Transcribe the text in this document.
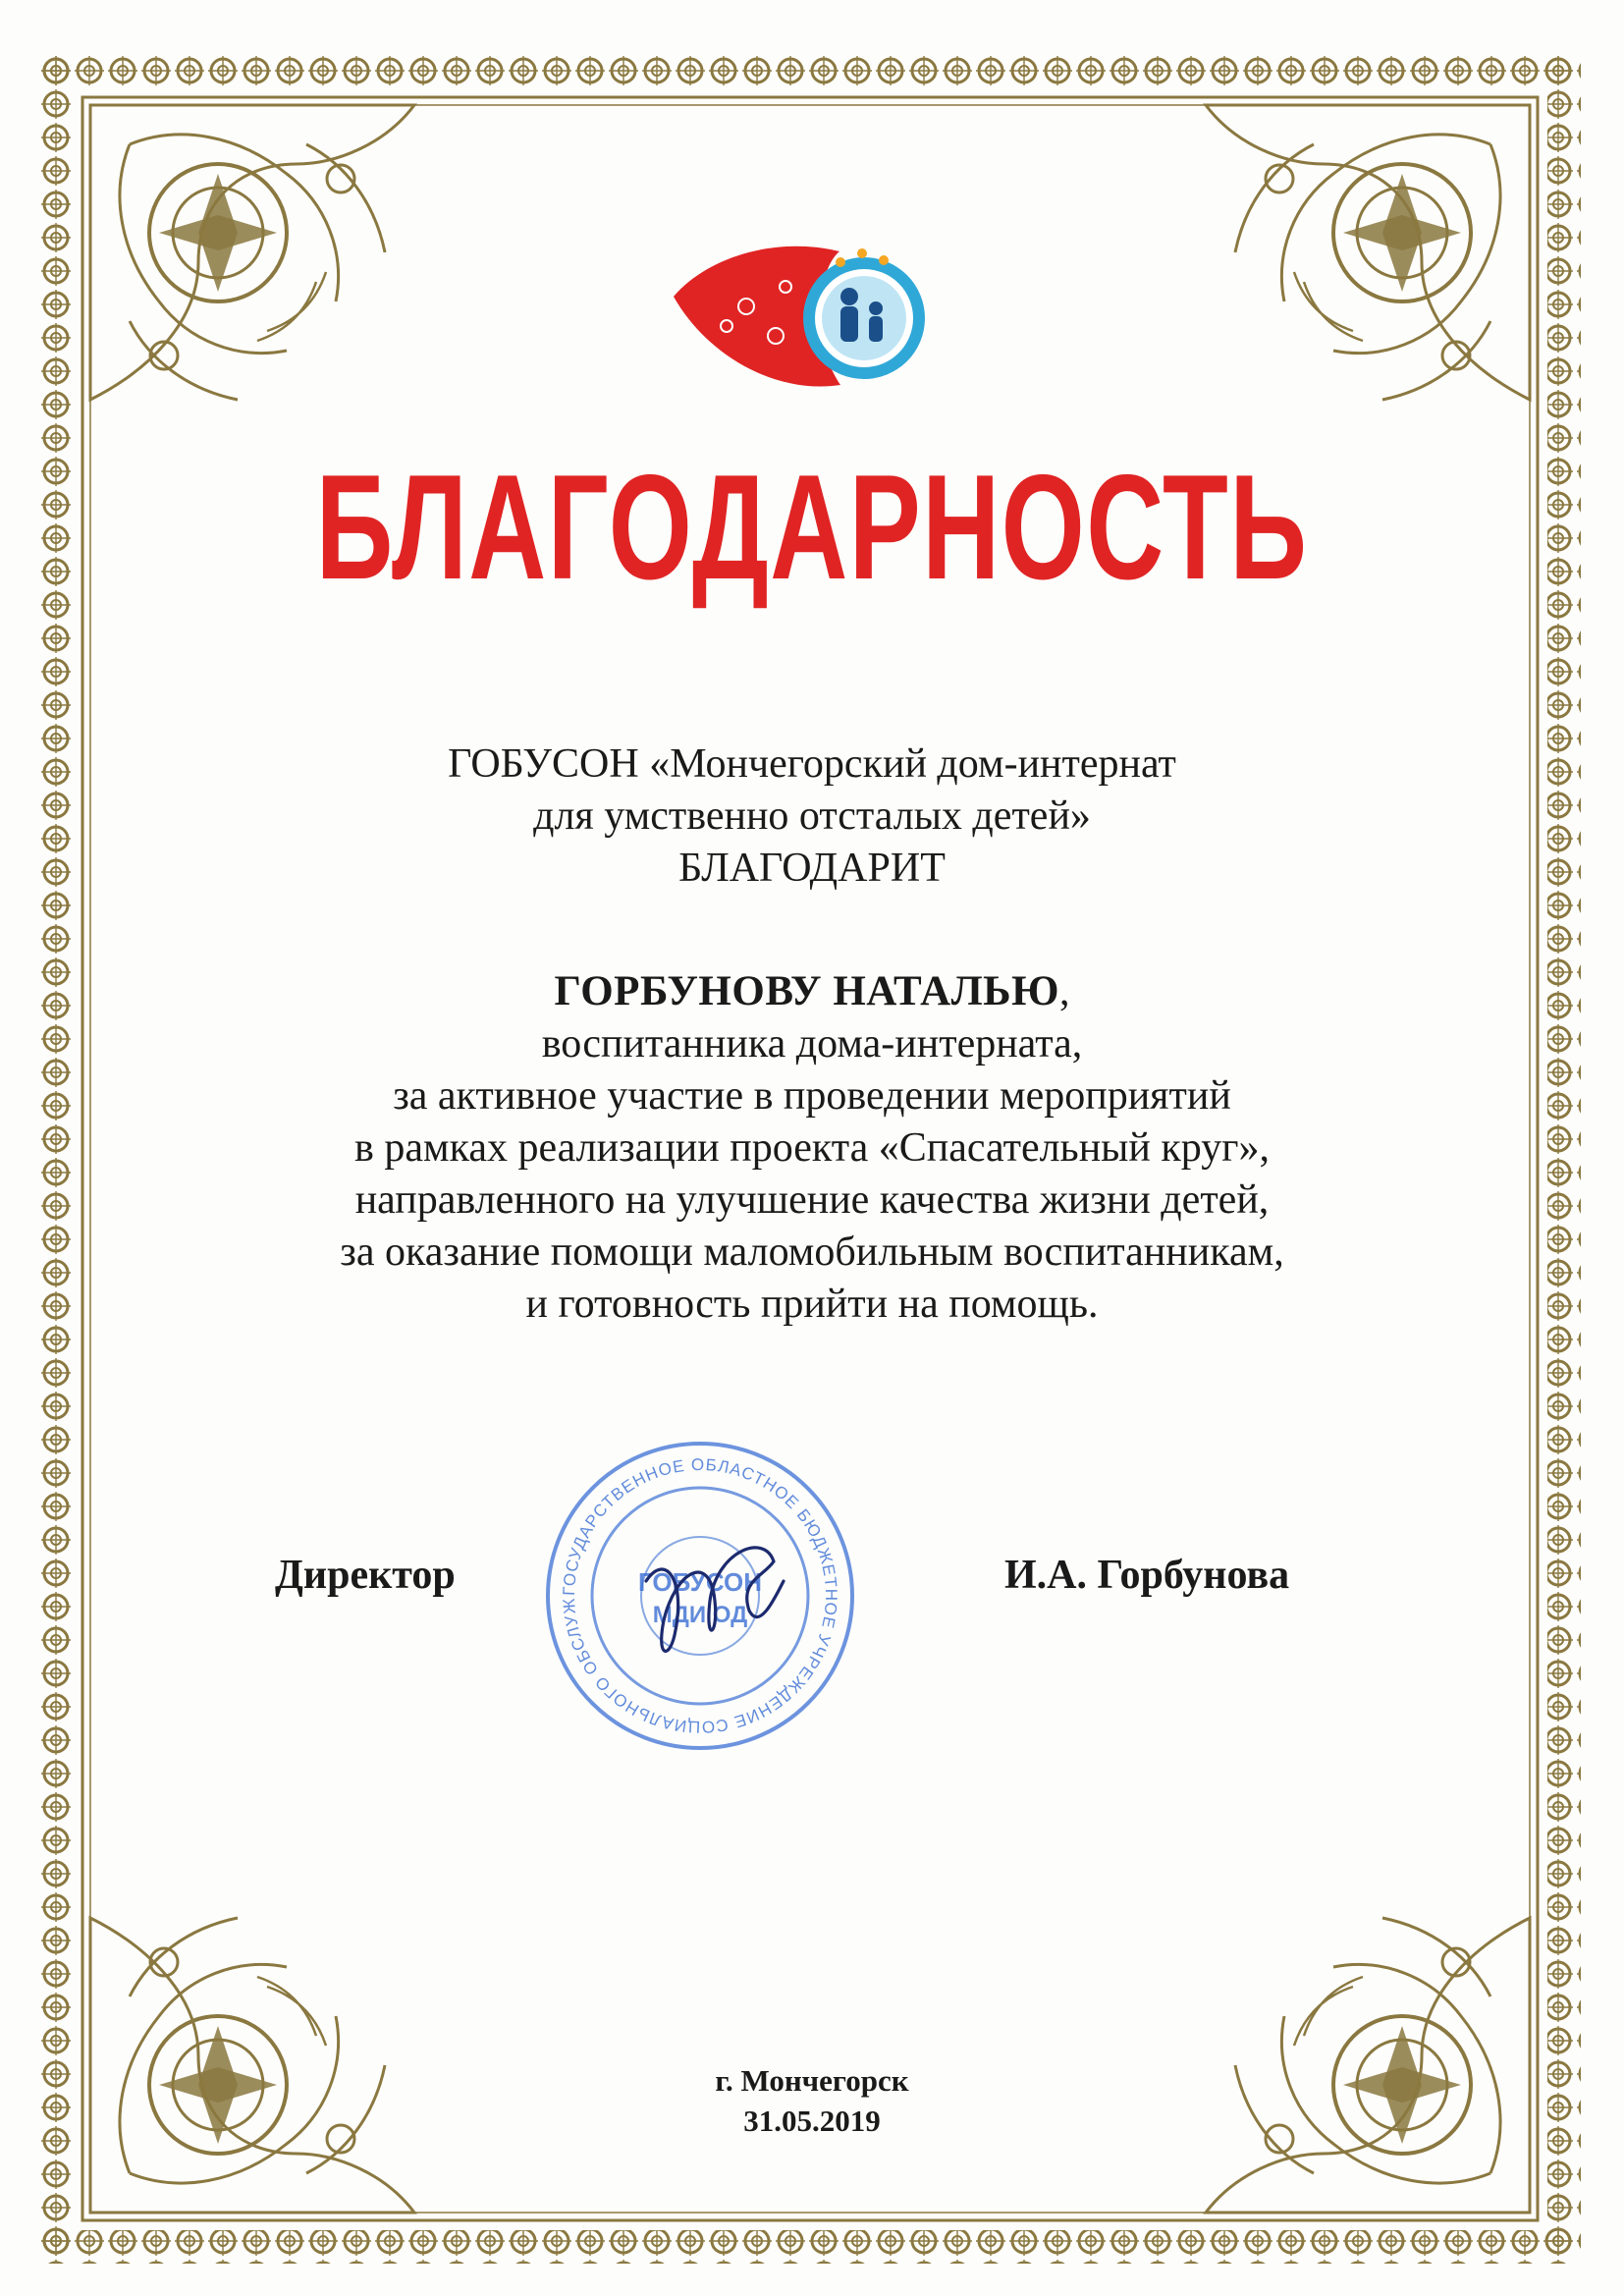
БЛАГОДАРНОСТЬ
ГОБУСОН «Мончегорский дом-интернат
для умственно отсталых детей»
БЛАГОДАРИТ
ГОРБУНОВУ НАТАЛЬЮ,
воспитанника дома-интерната,
за активное участие в проведении мероприятий
в рамках реализации проекта «Спасательный круг»,
направленного на улучшение качества жизни детей,
за оказание помощи маломобильным воспитанникам,
и готовность прийти на помощь.
ГОСУДАРСТВЕННОЕ ОБЛАСТНОЕ БЮДЖЕТНОЕ УЧРЕЖДЕНИЕ СОЦИАЛЬНОГО ОБСЛУЖ
ГОБУСОН
МДИ ОД
Директор	И.А. Горбунова
г. Мончегорск
31.05.2019
